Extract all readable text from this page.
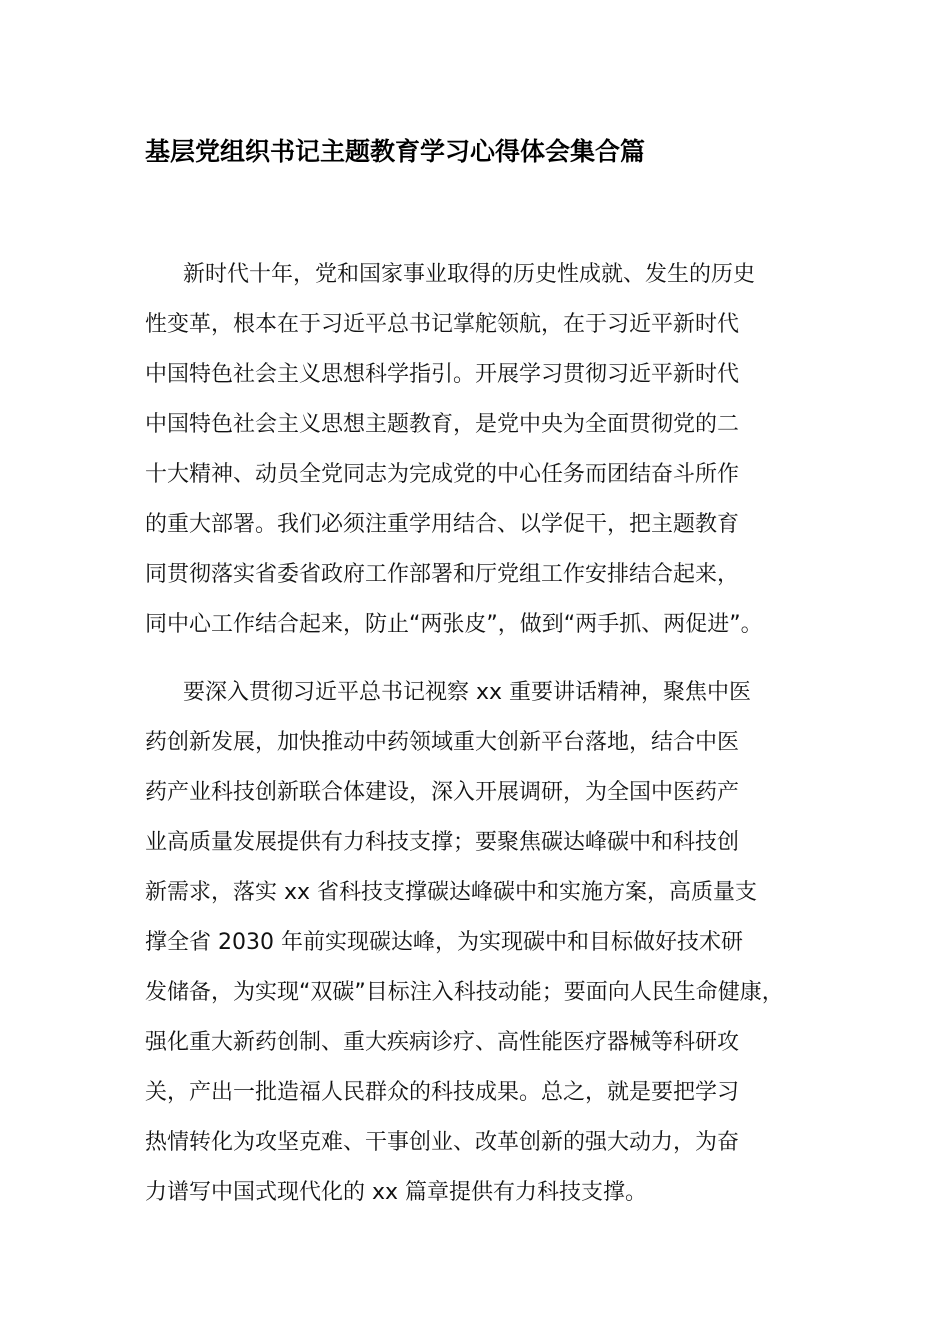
基层党组织书记主题教育学习心得体会集合篇

新时代十年，党和国家事业取得的历史性成就、发生的历史
性变革，根本在于习近平总书记掌舵领航，在于习近平新时代
中国特色社会主义思想科学指引。开展学习贯彻习近平新时代
中国特色社会主义思想主题教育，是党中央为全面贯彻党的二
十大精神、动员全党同志为完成党的中心任务而团结奋斗所作
的重大部署。我们必须注重学用结合、以学促干，把主题教育
同贯彻落实省委省政府工作部署和厅党组工作安排结合起来，
同中心工作结合起来，防止“两张皮”，做到“两手抓、两促进”。

要深入贯彻习近平总书记视察 xx 重要讲话精神，聚焦中医
药创新发展，加快推动中药领域重大创新平台落地，结合中医
药产业科技创新联合体建设，深入开展调研，为全国中医药产
业高质量发展提供有力科技支撑；要聚焦碳达峰碳中和科技创
新需求，落实 xx 省科技支撑碳达峰碳中和实施方案，高质量支
撑全省 2030 年前实现碳达峰，为实现碳中和目标做好技术研
发储备，为实现“双碳”目标注入科技动能；要面向人民生命健康，
强化重大新药创制、重大疾病诊疗、高性能医疗器械等科研攻
关，产出一批造福人民群众的科技成果。总之，就是要把学习
热情转化为攻坚克难、干事创业、改革创新的强大动力，为奋
力谱写中国式现代化的 xx 篇章提供有力科技支撑。
